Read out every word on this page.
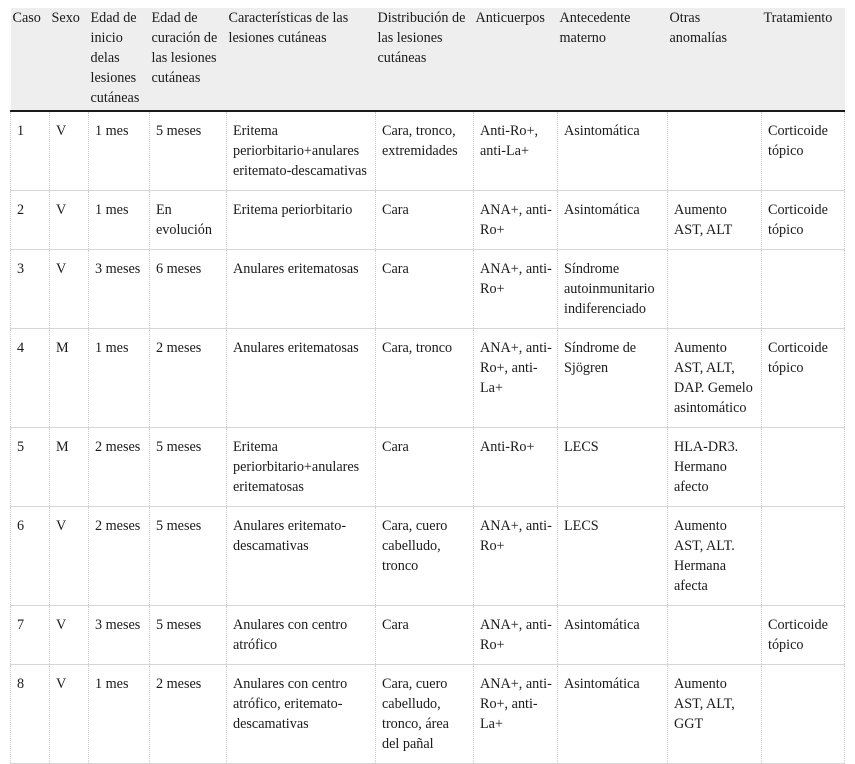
Caso	Sexo	Edad de inicio delas lesiones cutáneas	Edad de curación de las lesiones cutáneas	Características de las lesiones cutáneas	Distribución de las lesiones cutáneas	Anticuerpos	Antecedente materno	Otras anomalías	Tratamiento
1	V	1 mes	5 meses	Eritema periorbitario+anulares eritemato-descamativas	Cara, tronco, extremidades	Anti-Ro+, anti-La+	Asintomática		Corticoide tópico
2	V	1 mes	En evolución	Eritema periorbitario	Cara	ANA+, anti-Ro+	Asintomática	Aumento AST, ALT	Corticoide tópico
3	V	3 meses	6 meses	Anulares eritematosas	Cara	ANA+, anti-Ro+	Síndrome autoinmunitario indiferenciado		
4	M	1 mes	2 meses	Anulares eritematosas	Cara, tronco	ANA+, anti-Ro+, anti-La+	Síndrome de Sjögren	Aumento AST, ALT, DAP. Gemelo asintomático	Corticoide tópico
5	M	2 meses	5 meses	Eritema periorbitario+anulares eritematosas	Cara	Anti-Ro+	LECS	HLA-DR3. Hermano afecto	
6	V	2 meses	5 meses	Anulares eritemato-descamativas	Cara, cuero cabelludo, tronco	ANA+, anti-Ro+	LECS	Aumento AST, ALT. Hermana afecta	
7	V	3 meses	5 meses	Anulares con centro atrófico	Cara	ANA+, anti-Ro+	Asintomática		Corticoide tópico
8	V	1 mes	2 meses	Anulares con centro atrófico, eritemato-descamativas	Cara, cuero cabelludo, tronco, área del pañal	ANA+, anti-Ro+, anti-La+	Asintomática	Aumento AST, ALT, GGT	
